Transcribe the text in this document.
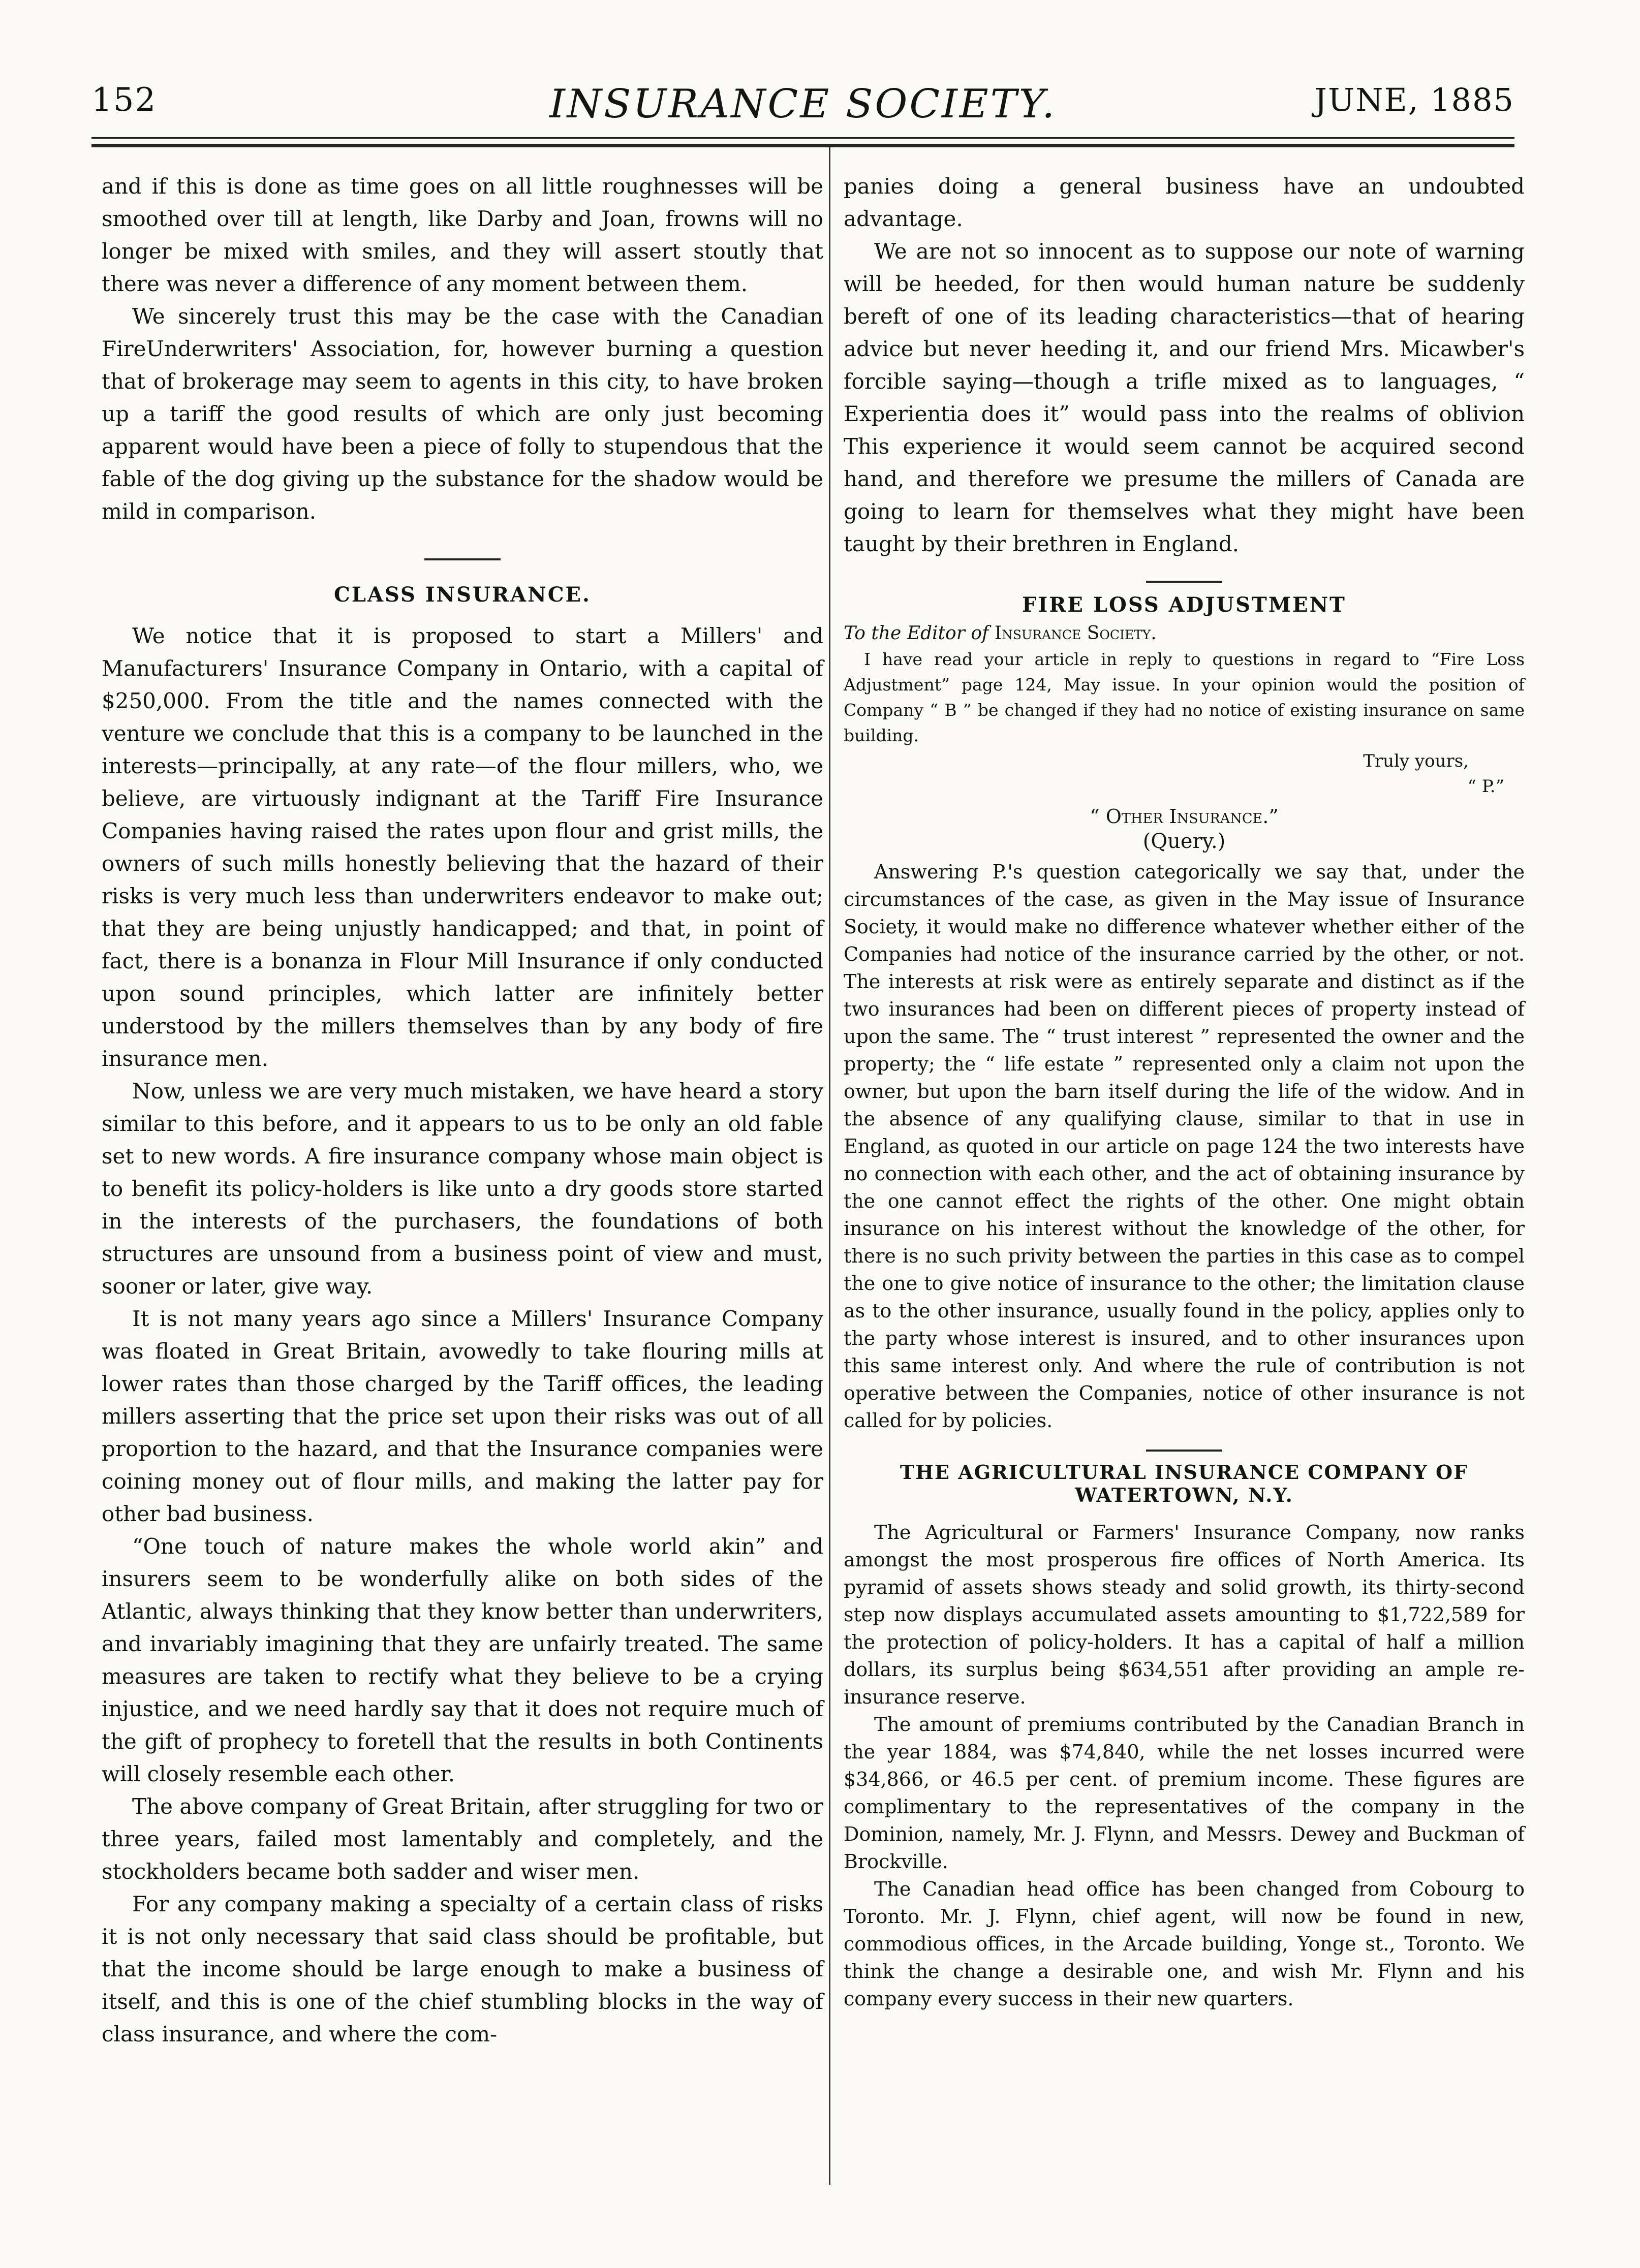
152	INSURANCE SOCIETY.	JUNE, 1885

and if this is done as time goes on all little roughnesses will be smoothed over till at length, like Darby and Joan, frowns will no longer be mixed with smiles, and they will assert stoutly that there was never a difference of any moment between them.

We sincerely trust this may be the case with the Canadian FireUnderwriters' Association, for, however burning a question that of brokerage may seem to agents in this city, to have broken up a tariff the good results of which are only just becoming apparent would have been a piece of folly to stupendous that the fable of the dog giving up the substance for the shadow would be mild in comparison.

CLASS INSURANCE.

We notice that it is proposed to start a Millers' and Manufacturers' Insurance Company in Ontario, with a capital of $250,000. From the title and the names connected with the venture we conclude that this is a company to be launched in the interests—principally, at any rate—of the flour millers, who, we believe, are virtuously indignant at the Tariff Fire Insurance Companies having raised the rates upon flour and grist mills, the owners of such mills honestly believing that the hazard of their risks is very much less than underwriters endeavor to make out; that they are being unjustly handicapped; and that, in point of fact, there is a bonanza in Flour Mill Insurance if only conducted upon sound principles, which latter are infinitely better understood by the millers themselves than by any body of fire insurance men.

Now, unless we are very much mistaken, we have heard a story similar to this before, and it appears to us to be only an old fable set to new words. A fire insurance company whose main object is to benefit its policy-holders is like unto a dry goods store started in the interests of the purchasers, the foundations of both structures are unsound from a business point of view and must, sooner or later, give way.

It is not many years ago since a Millers' Insurance Company was floated in Great Britain, avowedly to take flouring mills at lower rates than those charged by the Tariff offices, the leading millers asserting that the price set upon their risks was out of all proportion to the hazard, and that the Insurance companies were coining money out of flour mills, and making the latter pay for other bad business.

“One touch of nature makes the whole world akin” and insurers seem to be wonderfully alike on both sides of the Atlantic, always thinking that they know better than underwriters, and invariably imagining that they are unfairly treated. The same measures are taken to rectify what they believe to be a crying injustice, and we need hardly say that it does not require much of the gift of prophecy to foretell that the results in both Continents will closely resemble each other.

The above company of Great Britain, after struggling for two or three years, failed most lamentably and completely, and the stockholders became both sadder and wiser men.

For any company making a specialty of a certain class of risks it is not only necessary that said class should be profitable, but that the income should be large enough to make a business of itself, and this is one of the chief stumbling blocks in the way of class insurance, and where the com-

panies doing a general business have an undoubted advantage.

We are not so innocent as to suppose our note of warning will be heeded, for then would human nature be suddenly bereft of one of its leading characteristics—that of hearing advice but never heeding it, and our friend Mrs. Micawber's forcible saying—though a trifle mixed as to languages, “ Experientia does it” would pass into the realms of oblivion This experience it would seem cannot be acquired second hand, and therefore we presume the millers of Canada are going to learn for themselves what they might have been taught by their brethren in England.

FIRE LOSS ADJUSTMENT
To the Editor of Insurance Society.

I have read your article in reply to questions in regard to “Fire Loss Adjustment” page 124, May issue. In your opinion would the position of Company “ B ” be changed if they had no notice of existing insurance on same building.

Truly yours,
“ P.”
“ Other Insurance.”
(Query.)

Answering P.'s question categorically we say that, under the circumstances of the case, as given in the May issue of Insurance Society, it would make no difference whatever whether either of the Companies had notice of the insurance carried by the other, or not. The interests at risk were as entirely separate and distinct as if the two insurances had been on different pieces of property instead of upon the same. The “ trust interest ” represented the owner and the property; the “ life estate ” represented only a claim not upon the owner, but upon the barn itself during the life of the widow. And in the absence of any qualifying clause, similar to that in use in England, as quoted in our article on page 124 the two interests have no connection with each other, and the act of obtaining insurance by the one cannot effect the rights of the other. One might obtain insurance on his interest without the knowledge of the other, for there is no such privity between the parties in this case as to compel the one to give notice of insurance to the other; the limitation clause as to the other insurance, usually found in the policy, applies only to the party whose interest is insured, and to other insurances upon this same interest only. And where the rule of contribution is not operative between the Companies, notice of other insurance is not called for by policies.

THE AGRICULTURAL INSURANCE COMPANY OF
WATERTOWN, N.Y.

The Agricultural or Farmers' Insurance Company, now ranks amongst the most prosperous fire offices of North America. Its pyramid of assets shows steady and solid growth, its thirty-second step now displays accumulated assets amounting to $1,722,589 for the protection of policy-holders. It has a capital of half a million dollars, its surplus being $634,551 after providing an ample re-insurance reserve.

The amount of premiums contributed by the Canadian Branch in the year 1884, was $74,840, while the net losses incurred were $34,866, or 46.5 per cent. of premium income. These figures are complimentary to the representatives of the company in the Dominion, namely, Mr. J. Flynn, and Messrs. Dewey and Buckman of Brockville.

The Canadian head office has been changed from Cobourg to Toronto. Mr. J. Flynn, chief agent, will now be found in new, commodious offices, in the Arcade building, Yonge st., Toronto. We think the change a desirable one, and wish Mr. Flynn and his company every success in their new quarters.
